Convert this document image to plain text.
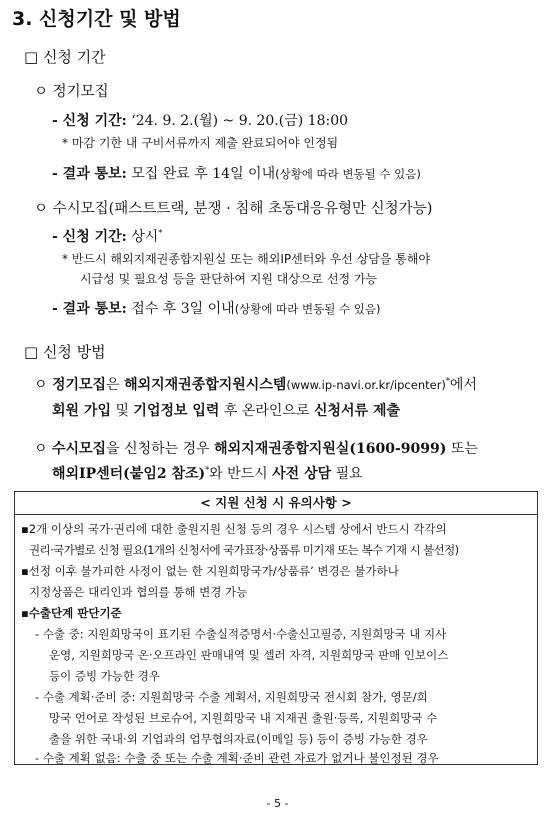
3. 신청기간 및 방법
□ 신청 기간
ㅇ 정기모집
- 신청 기간: ‘24. 9. 2.(월) ~ 9. 20.(금) 18:00
* 마감 기한 내 구비서류까지 제출 완료되어야 인정됨
- 결과 통보: 모집 완료 후 14일 이내(상황에 따라 변동될 수 있음)
ㅇ 수시모집(패스트트랙, 분쟁 · 침해 초동대응유형만 신청가능)
- 신청 기간: 상시*
* 반드시 해외지재권종합지원실 또는 해외IP센터와 우선 상담을 통해야
시급성 및 필요성 등을 판단하여 지원 대상으로 선정 가능
- 결과 통보: 접수 후 3일 이내(상황에 따라 변동될 수 있음)
□ 신청 방법
ㅇ 정기모집은 해외지재권종합지원시스템(www.ip-navi.or.kr/ipcenter)*에서
회원 가입 및 기업정보 입력 후 온라인으로 신청서류 제출
ㅇ 수시모집을 신청하는 경우 해외지재권종합지원실(1600-9099) 또는
해외IP센터(붙임2 참조)*와 반드시 사전 상담 필요
< 지원 신청 시 유의사항 >
▪2개 이상의 국가·권리에 대한 출원지원 신청 등의 경우 시스템 상에서 반드시 각각의
권리·국가별로 신청 필요(1개의 신청서에 국가표장·상품류 미기재 또는 복수 기재 시 불선정)
▪선정 이후 불가피한 사정이 없는 한 지원희망국가/상품류’ 변경은 불가하나
지정상품은 대리인과 협의를 통해 변경 가능
▪수출단계 판단기준
- 수출 중: 지원희망국이 표기된 수출실적증명서·수출신고필증, 지원희망국 내 지사
운영, 지원희망국 온·오프라인 판매내역 및 셀러 자격, 지원희망국 판매 인보이스
등이 증빙 가능한 경우
- 수출 계획·준비 중: 지원희망국 수출 계획서, 지원희망국 전시회 참가, 영문/희
망국 언어로 작성된 브로슈어, 지원희망국 내 지재권 출원·등록, 지원희망국 수
출을 위한 국내·외 기업과의 업무협의자료(이메일 등) 등이 증빙 가능한 경우
- 수출 계획 없음: 수출 중 또는 수출 계획·준비 관련 자료가 없거나 불인정된 경우
- 5 -
